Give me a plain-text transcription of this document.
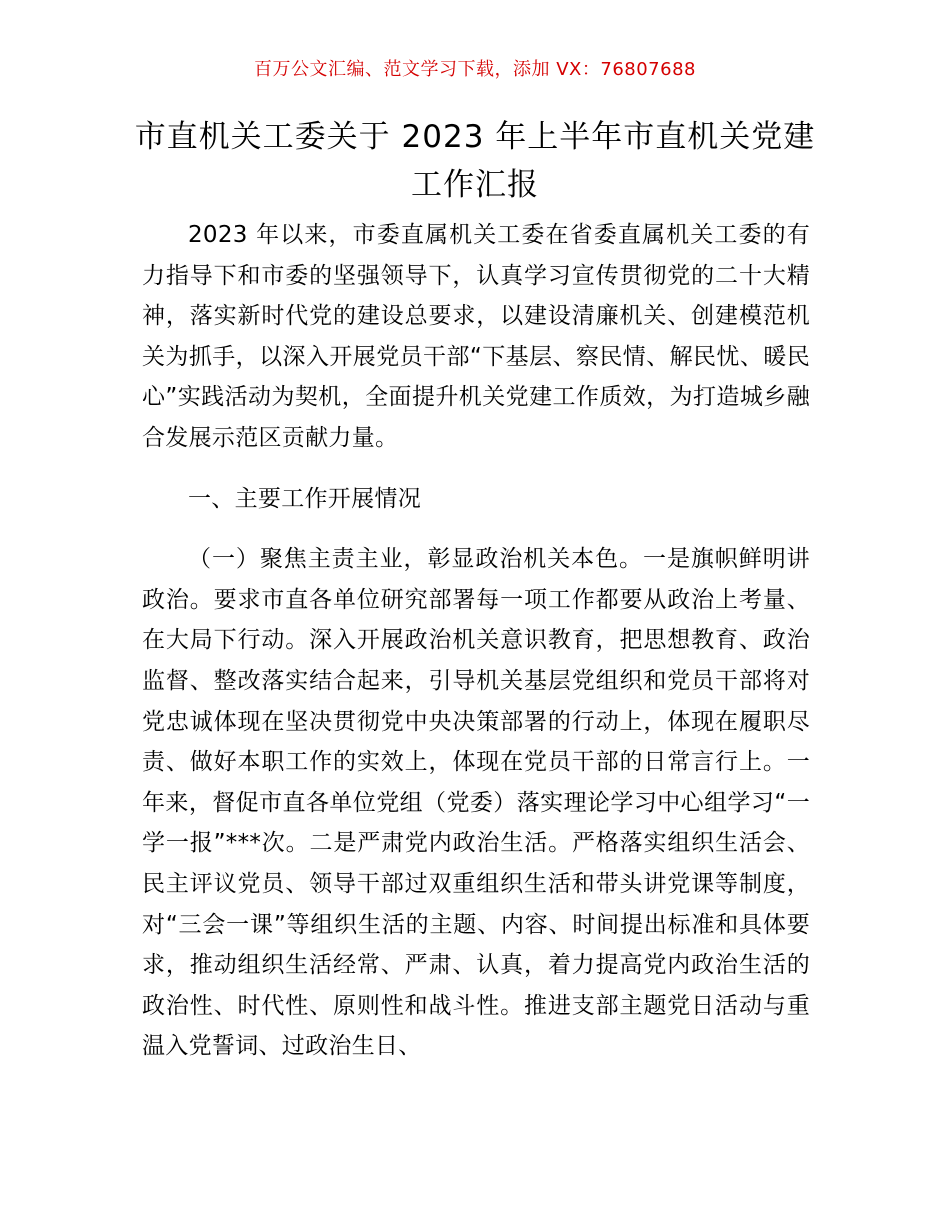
百万公文汇编、范文学习下载，添加 VX：76807688
市直机关工委关于 2023 年上半年市直机关党建
工作汇报

2023 年以来，市委直属机关工委在省委直属机关工委的有力指导下和市委的坚强领导下，认真学习宣传贯彻党的二十大精神，落实新时代党的建设总要求，以建设清廉机关、创建模范机关为抓手，以深入开展党员干部“下基层、察民情、解民忧、暖民心”实践活动为契机，全面提升机关党建工作质效，为打造城乡融合发展示范区贡献力量。

一、主要工作开展情况

（一）聚焦主责主业，彰显政治机关本色。一是旗帜鲜明讲政治。要求市直各单位研究部署每一项工作都要从政治上考量、在大局下行动。深入开展政治机关意识教育，把思想教育、政治监督、整改落实结合起来，引导机关基层党组织和党员干部将对党忠诚体现在坚决贯彻党中央决策部署的行动上，体现在履职尽责、做好本职工作的实效上，体现在党员干部的日常言行上。一年来，督促市直各单位党组（党委）落实理论学习中心组学习“一学一报”***次。二是严肃党内政治生活。严格落实组织生活会、民主评议党员、领导干部过双重组织生活和带头讲党课等制度，对“三会一课”等组织生活的主题、内容、时间提出标准和具体要求，推动组织生活经常、严肃、认真，着力提高党内政治生活的政治性、时代性、原则性和战斗性。推进支部主题党日活动与重温入党誓词、过政治生日、
